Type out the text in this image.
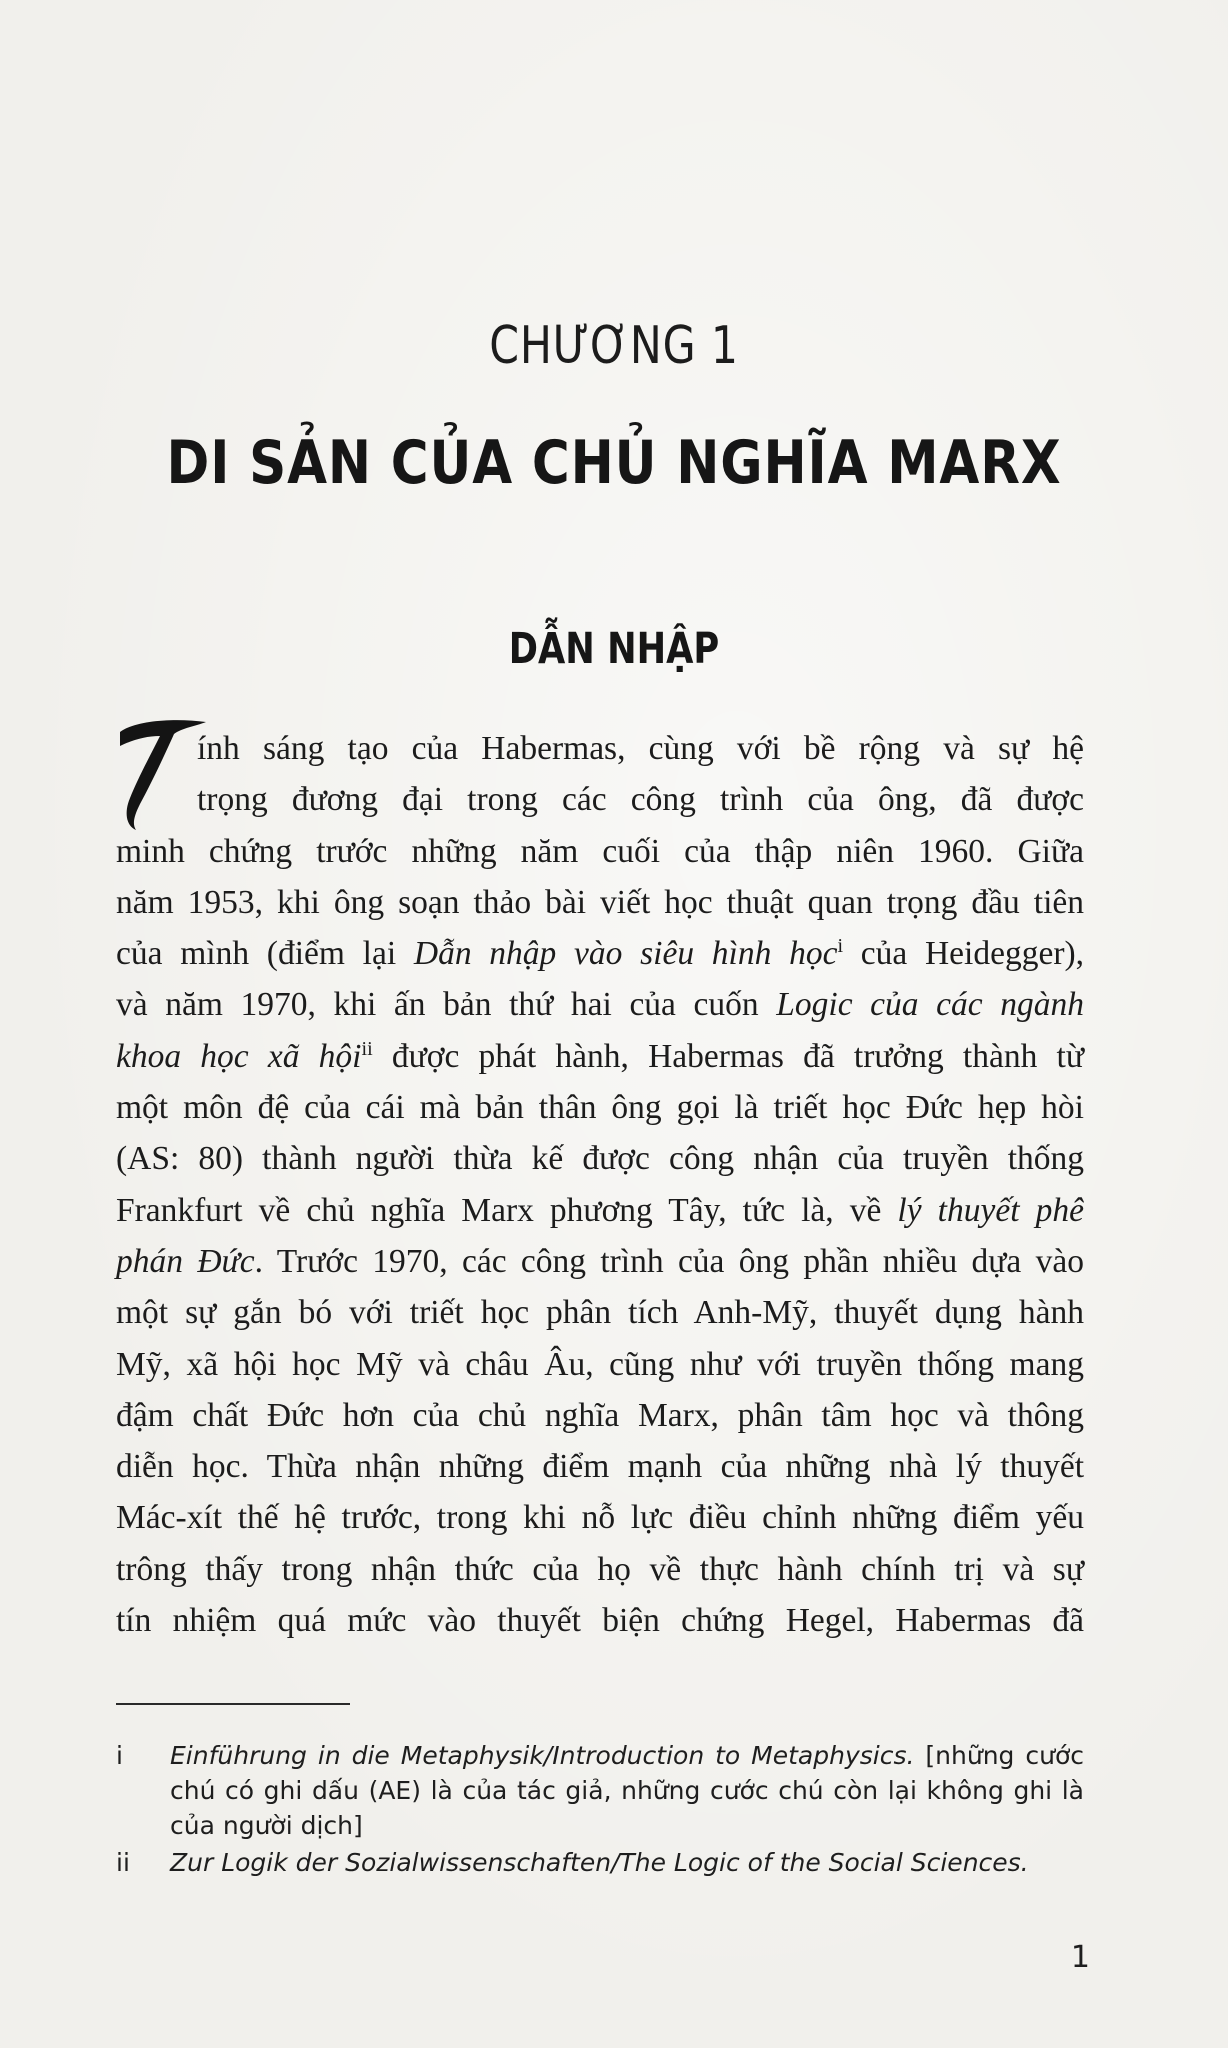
CHƯƠNG 1
DI SẢN CỦA CHỦ NGHĨA MARX
DẪN NHẬP
ính sáng tạo của Habermas, cùng với bề rộng và sự hệ
trọng đương đại trong các công trình của ông, đã được
minh chứng trước những năm cuối của thập niên 1960. Giữa
năm 1953, khi ông soạn thảo bài viết học thuật quan trọng đầu tiên
của mình (điểm lại Dẫn nhập vào siêu hình học$^i$ của Heidegger),
và năm 1970, khi ấn bản thứ hai của cuốn Logic của các ngành
khoa học xã hội$^{ii}$ được phát hành, Habermas đã trưởng thành từ
một môn đệ của cái mà bản thân ông gọi là triết học Đức hẹp hòi
(AS: 80) thành người thừa kế được công nhận của truyền thống
Frankfurt về chủ nghĩa Marx phương Tây, tức là, về lý thuyết phê
phán Đức. Trước 1970, các công trình của ông phần nhiều dựa vào
một sự gắn bó với triết học phân tích Anh-Mỹ, thuyết dụng hành
Mỹ, xã hội học Mỹ và châu Âu, cũng như với truyền thống mang
đậm chất Đức hơn của chủ nghĩa Marx, phân tâm học và thông
diễn học. Thừa nhận những điểm mạnh của những nhà lý thuyết
Mác-xít thế hệ trước, trong khi nỗ lực điều chỉnh những điểm yếu
trông thấy trong nhận thức của họ về thực hành chính trị và sự
tín nhiệm quá mức vào thuyết biện chứng Hegel, Habermas đã
i Einführung in die Metaphysik/Introduction to Metaphysics. [những cước
chú có ghi dấu (AE) là của tác giả, những cước chú còn lại không ghi là
của người dịch]
ii Zur Logik der Sozialwissenschaften/The Logic of the Social Sciences.
1
